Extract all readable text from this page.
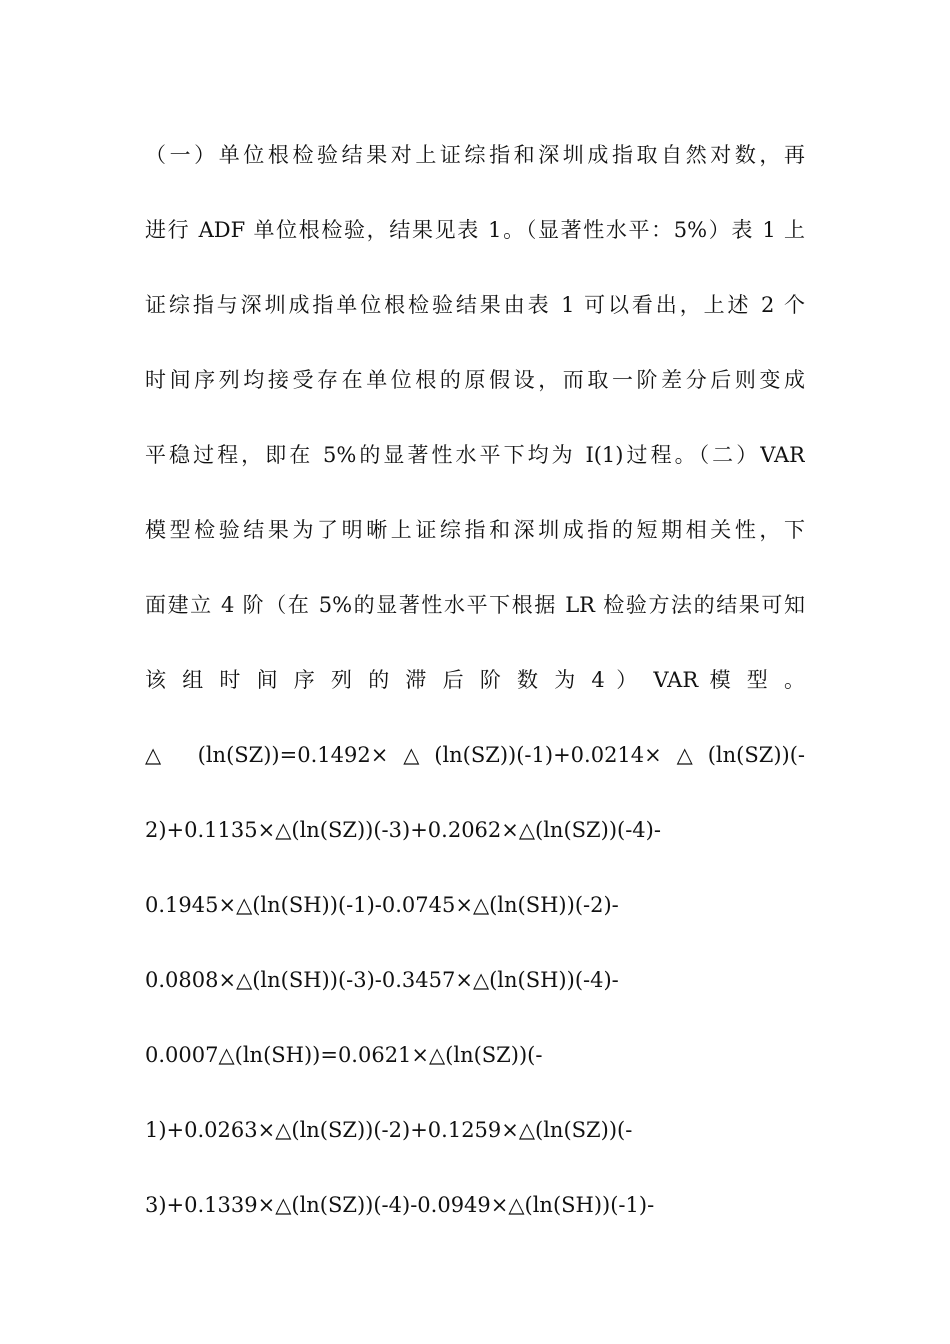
（一）单位根检验结果对上证综指和深圳成指取自然对数，再
进行 ADF 单位根检验，结果见表 1。（显著性水平：5%）表 1 上
证综指与深圳成指单位根检验结果由表 1 可以看出，上述 2 个
时间序列均接受存在单位根的原假设，而取一阶差分后则变成
平稳过程，即在 5%的显著性水平下均为 I(1)过程。（二）VAR
模型检验结果为了明晰上证综指和深圳成指的短期相关性，下
面建立 4 阶（在 5%的显著性水平下根据 LR 检验方法的结果可知
该 组 时 间 序 列 的 滞 后 阶 数 为 4 ） VAR 模 型 。
△ (ln(SZ))=0.1492×△(ln(SZ))(-1)+0.0214×△(ln(SZ))(-
2)+0.1135×△(ln(SZ))(-3)+0.2062×△(ln(SZ))(-4)-
0.1945×△(ln(SH))(-1)-0.0745×△(ln(SH))(-2)-
0.0808×△(ln(SH))(-3)-0.3457×△(ln(SH))(-4)-
0.0007△(ln(SH))=0.0621×△(ln(SZ))(-
1)+0.0263×△(ln(SZ))(-2)+0.1259×△(ln(SZ))(-
3)+0.1339×△(ln(SZ))(-4)-0.0949×△(ln(SH))(-1)-
